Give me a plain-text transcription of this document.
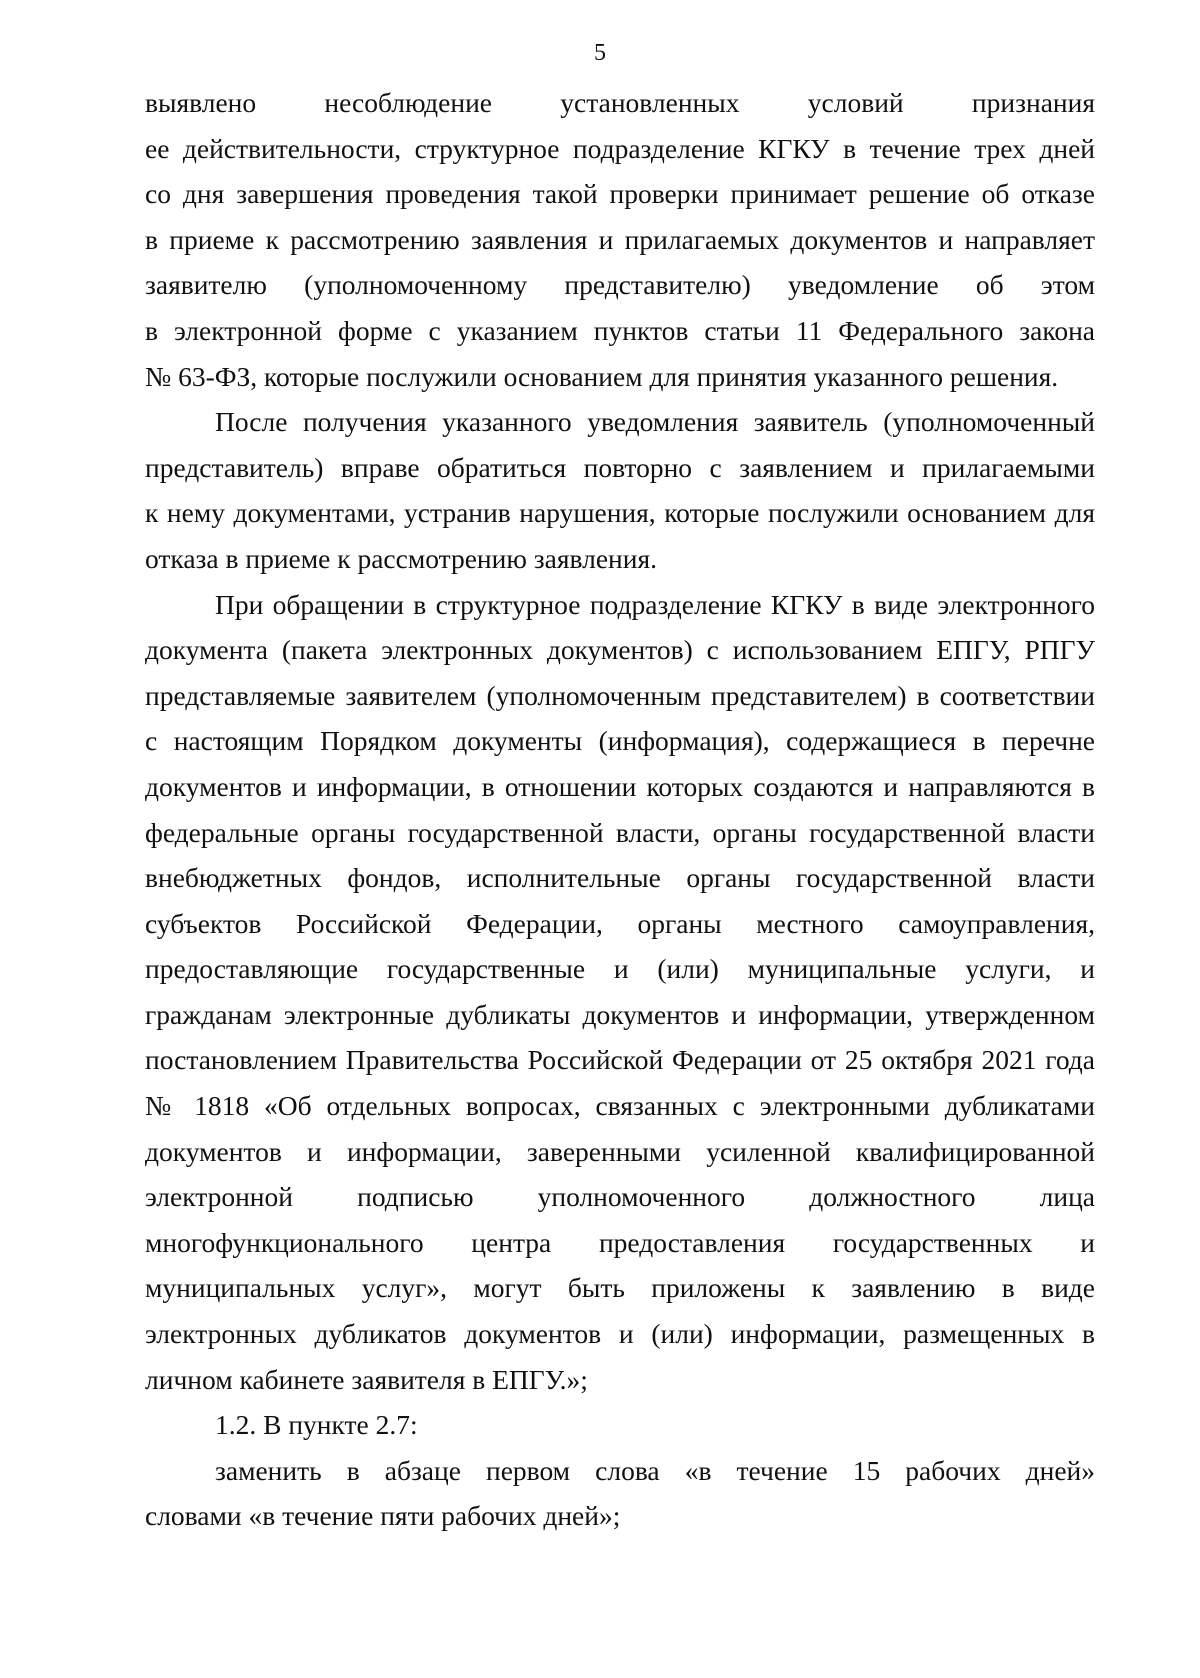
5
выявлено несоблюдение установленных условий признания
ее действительности, структурное подразделение КГКУ в течение трех дней
со дня завершения проведения такой проверки принимает решение об отказе
в приеме к рассмотрению заявления и прилагаемых документов и направляет
заявителю (уполномоченному представителю) уведомление об этом
в электронной форме с указанием пунктов статьи 11 Федерального закона
№ 63-ФЗ, которые послужили основанием для принятия указанного решения.
После получения указанного уведомления заявитель (уполномоченный
представитель) вправе обратиться повторно с заявлением и прилагаемыми
к нему документами, устранив нарушения, которые послужили основанием для
отказа в приеме к рассмотрению заявления.
При обращении в структурное подразделение КГКУ в виде электронного
документа (пакета электронных документов) с использованием ЕПГУ, РПГУ
представляемые заявителем (уполномоченным представителем) в соответствии
с настоящим Порядком документы (информация), содержащиеся в перечне
документов и информации, в отношении которых создаются и направляются в
федеральные органы государственной власти, органы государственной власти
внебюджетных фондов, исполнительные органы государственной власти
субъектов Российской Федерации, органы местного самоуправления,
предоставляющие государственные и (или) муниципальные услуги, и
гражданам электронные дубликаты документов и информации, утвержденном
постановлением Правительства Российской Федерации от 25 октября 2021 года
№ 1818 «Об отдельных вопросах, связанных с электронными дубликатами
документов и информации, заверенными усиленной квалифицированной
электронной подписью уполномоченного должностного лица
многофункционального центра предоставления государственных и
муниципальных услуг», могут быть приложены к заявлению в виде
электронных дубликатов документов и (или) информации, размещенных в
личном кабинете заявителя в ЕПГУ.»;
1.2. В пункте 2.7:
заменить в абзаце первом слова «в течение 15 рабочих дней»
словами «в течение пяти рабочих дней»;
